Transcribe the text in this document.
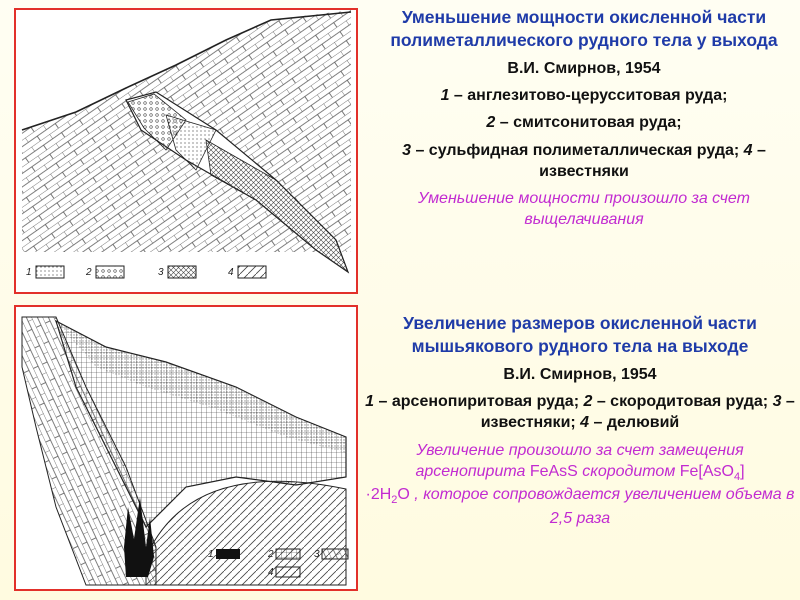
1	2	3	4
1	2	3
4

Уменьшение мощности окисленной части полиметаллического рудного тела у выхода

В.И. Смирнов, 1954

1 – англезитово-церусситовая руда;

2 – смитсонитовая руда;

3 – сульфидная полиметаллическая руда; 4 – известняки

Уменьшение мощности произошло за счет выщелачивания

Увеличение размеров окисленной части мышьякового рудного тела на выходе

В.И. Смирнов, 1954

1 – арсенопиритовая руда; 2 – скородитовая руда; 3 – известняки; 4 – делювий

Увеличение произошло за счет замещения арсенопирита FeAsS скородитом Fe[AsO$_4$]
$\cdot 2H_2O$ , которое сопровождается увеличением объема в 2,5 раза
